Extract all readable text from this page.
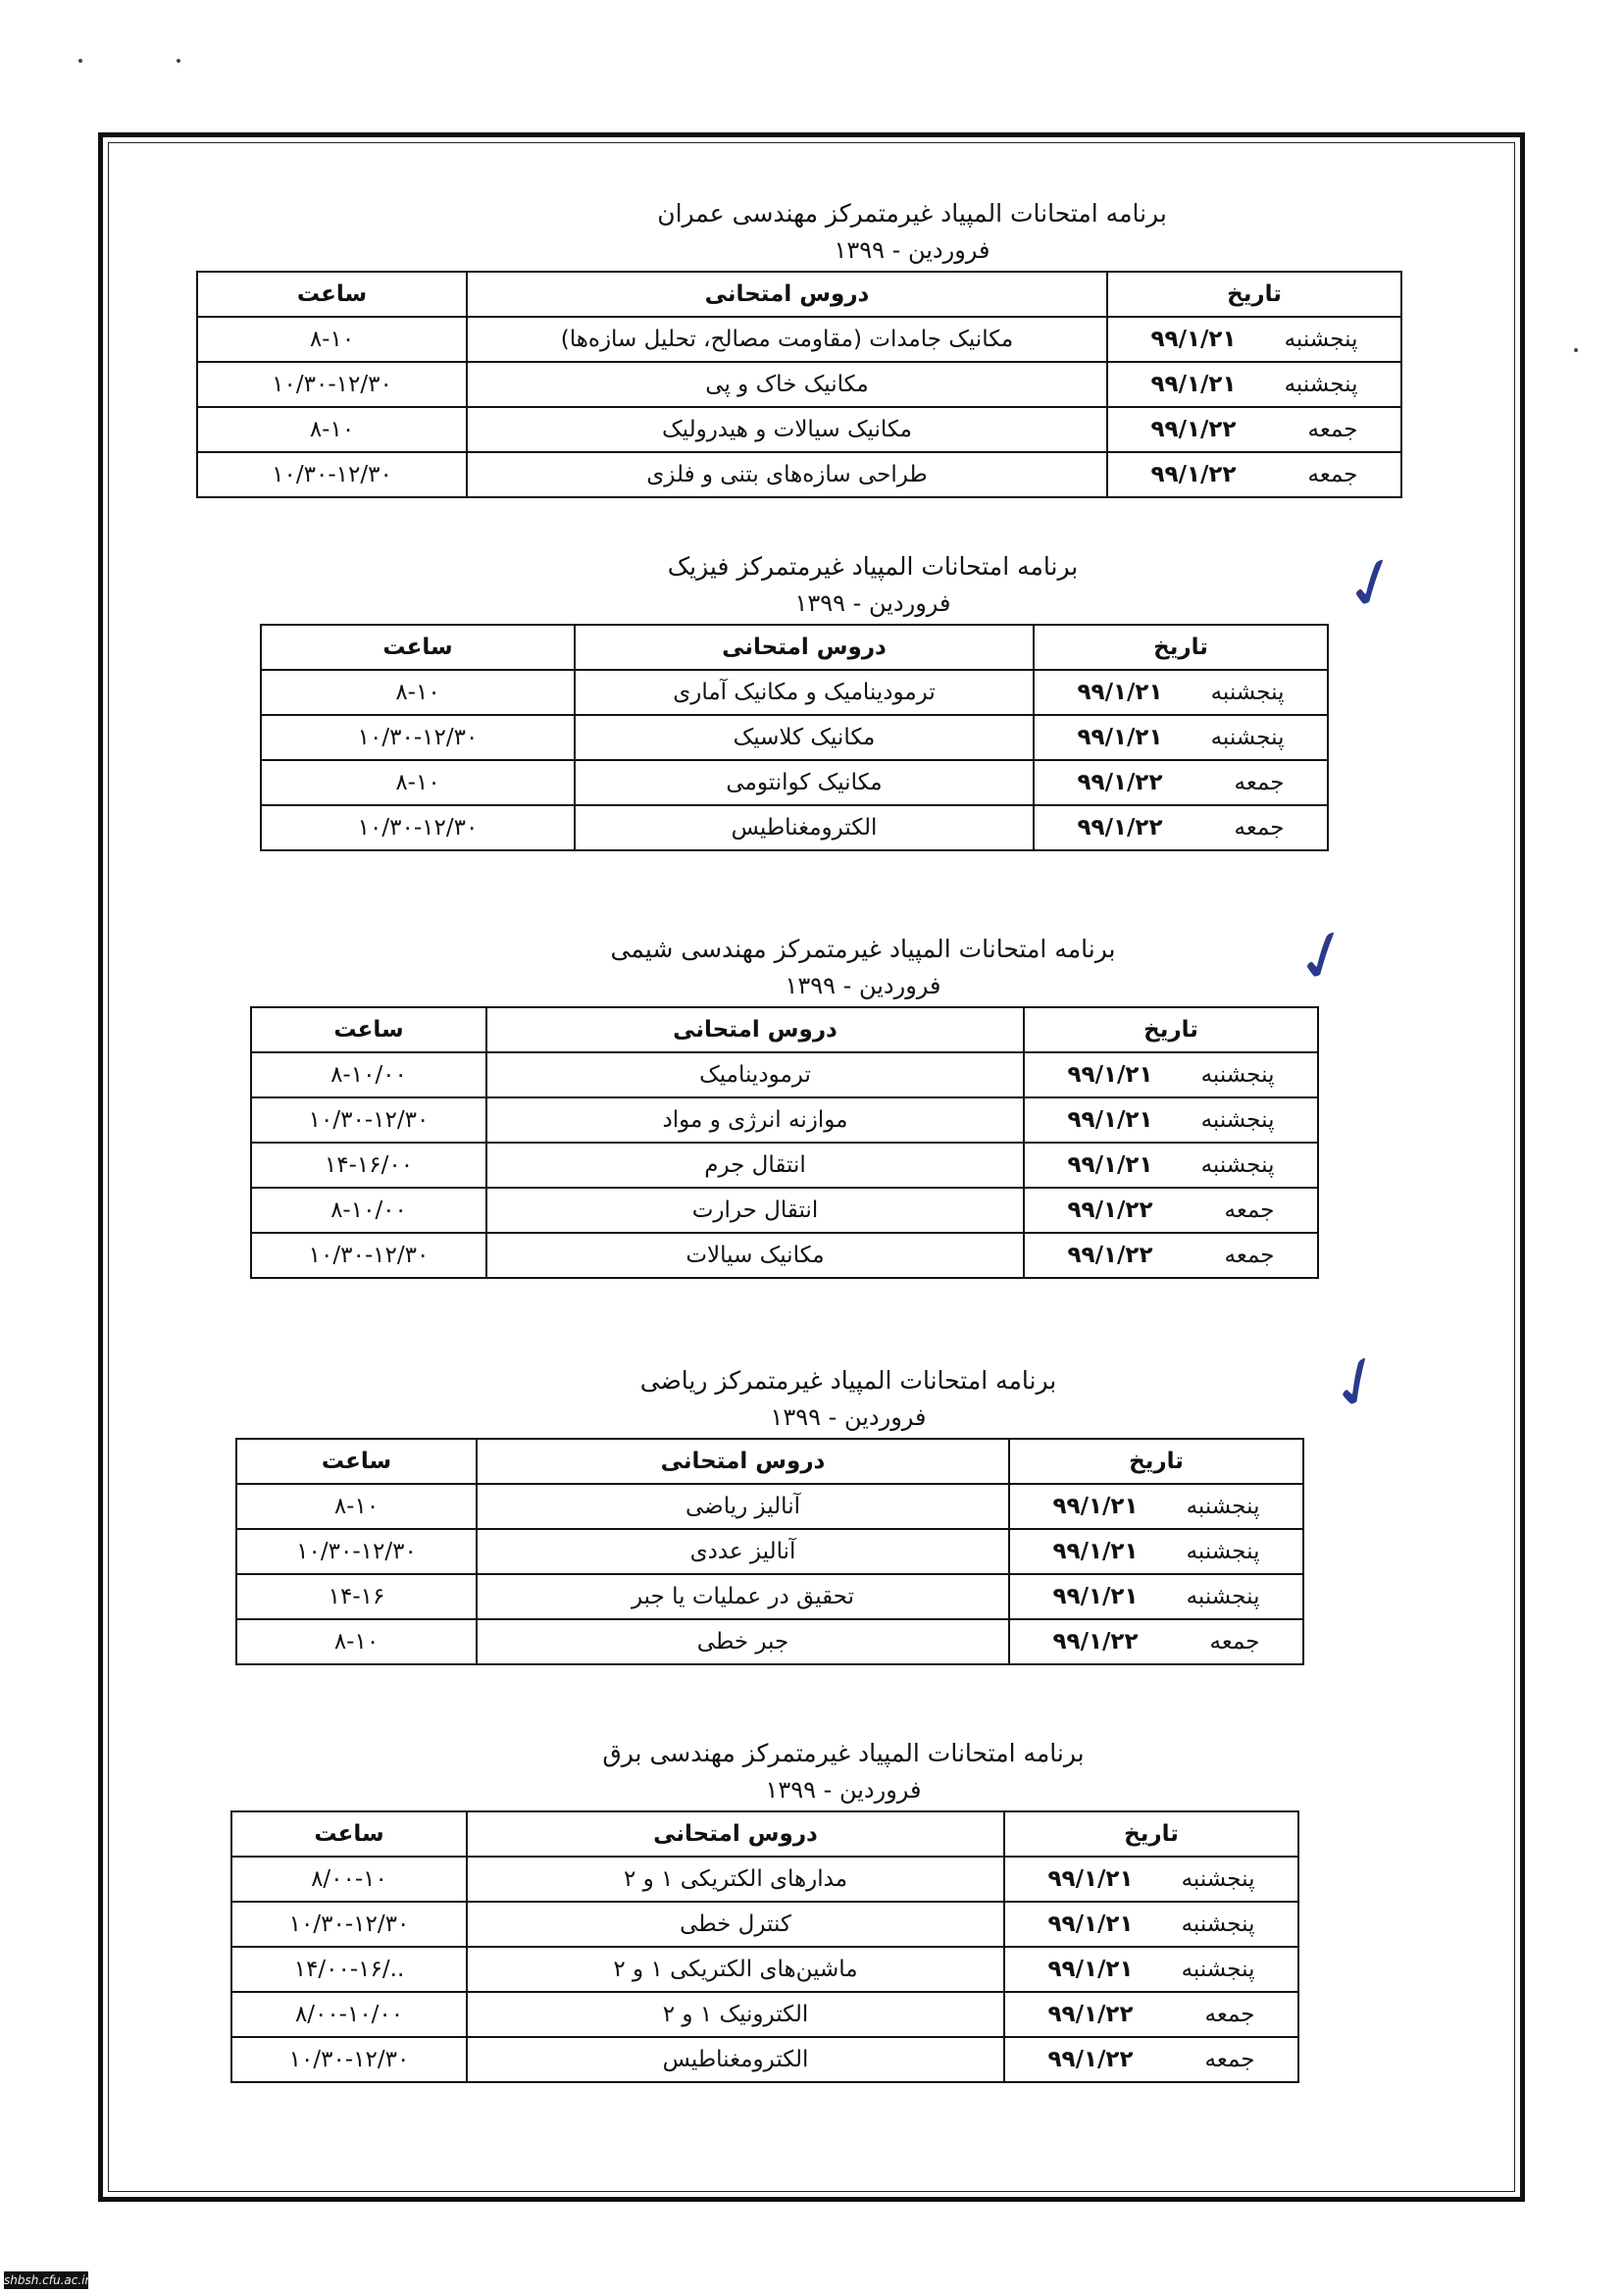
برنامه امتحانات المپیاد غیرمتمرکز مهندسی عمران
فروردین - ۱۳۹۹
تاریخ	دروس امتحانی	ساعت
پنجشنبه۹۹/۱/۲۱	مکانیک جامدات (مقاومت مصالح، تحلیل سازه‌ها)	۸-۱۰
پنجشنبه۹۹/۱/۲۱	مکانیک خاک و پی	۱۰/۳۰-۱۲/۳۰
جمعه۹۹/۱/۲۲	مکانیک سیالات و هیدرولیک	۸-۱۰
جمعه۹۹/۱/۲۲	طراحی سازه‌های بتنی و فلزی	۱۰/۳۰-۱۲/۳۰
برنامه امتحانات المپیاد غیرمتمرکز فیزیک
فروردین - ۱۳۹۹
تاریخ	دروس امتحانی	ساعت
پنجشنبه۹۹/۱/۲۱	ترمودینامیک و مکانیک آماری	۸-۱۰
پنجشنبه۹۹/۱/۲۱	مکانیک کلاسیک	۱۰/۳۰-۱۲/۳۰
جمعه۹۹/۱/۲۲	مکانیک کوانتومی	۸-۱۰
جمعه۹۹/۱/۲۲	الکترومغناطیس	۱۰/۳۰-۱۲/۳۰
برنامه امتحانات المپیاد غیرمتمرکز مهندسی شیمی
فروردین - ۱۳۹۹
تاریخ	دروس امتحانی	ساعت
پنجشنبه۹۹/۱/۲۱	ترمودینامیک	۸-۱۰/۰۰
پنجشنبه۹۹/۱/۲۱	موازنه انرژی و مواد	۱۰/۳۰-۱۲/۳۰
پنجشنبه۹۹/۱/۲۱	انتقال جرم	۱۴-۱۶/۰۰
جمعه۹۹/۱/۲۲	انتقال حرارت	۸-۱۰/۰۰
جمعه۹۹/۱/۲۲	مکانیک سیالات	۱۰/۳۰-۱۲/۳۰
برنامه امتحانات المپیاد غیرمتمرکز ریاضی
فروردین - ۱۳۹۹
تاریخ	دروس امتحانی	ساعت
پنجشنبه۹۹/۱/۲۱	آنالیز ریاضی	۸-۱۰
پنجشنبه۹۹/۱/۲۱	آنالیز عددی	۱۰/۳۰-۱۲/۳۰
پنجشنبه۹۹/۱/۲۱	تحقیق در عملیات یا جبر	۱۴-۱۶
جمعه۹۹/۱/۲۲	جبر خطی	۸-۱۰
برنامه امتحانات المپیاد غیرمتمرکز مهندسی برق
فروردین - ۱۳۹۹
تاریخ	دروس امتحانی	ساعت
پنجشنبه۹۹/۱/۲۱	مدارهای الکتریکی ۱ و ۲	۸/۰۰-۱۰
پنجشنبه۹۹/۱/۲۱	کنترل خطی	۱۰/۳۰-۱۲/۳۰
پنجشنبه۹۹/۱/۲۱	ماشین‌های الکتریکی ۱ و ۲	۱۴/۰۰-۱۶/..
جمعه۹۹/۱/۲۲	الکترونیک ۱ و ۲	۸/۰۰-۱۰/۰۰
جمعه۹۹/۱/۲۲	الکترومغناطیس	۱۰/۳۰-۱۲/۳۰
✓
✓
✓
shbsh.cfu.ac.ir
